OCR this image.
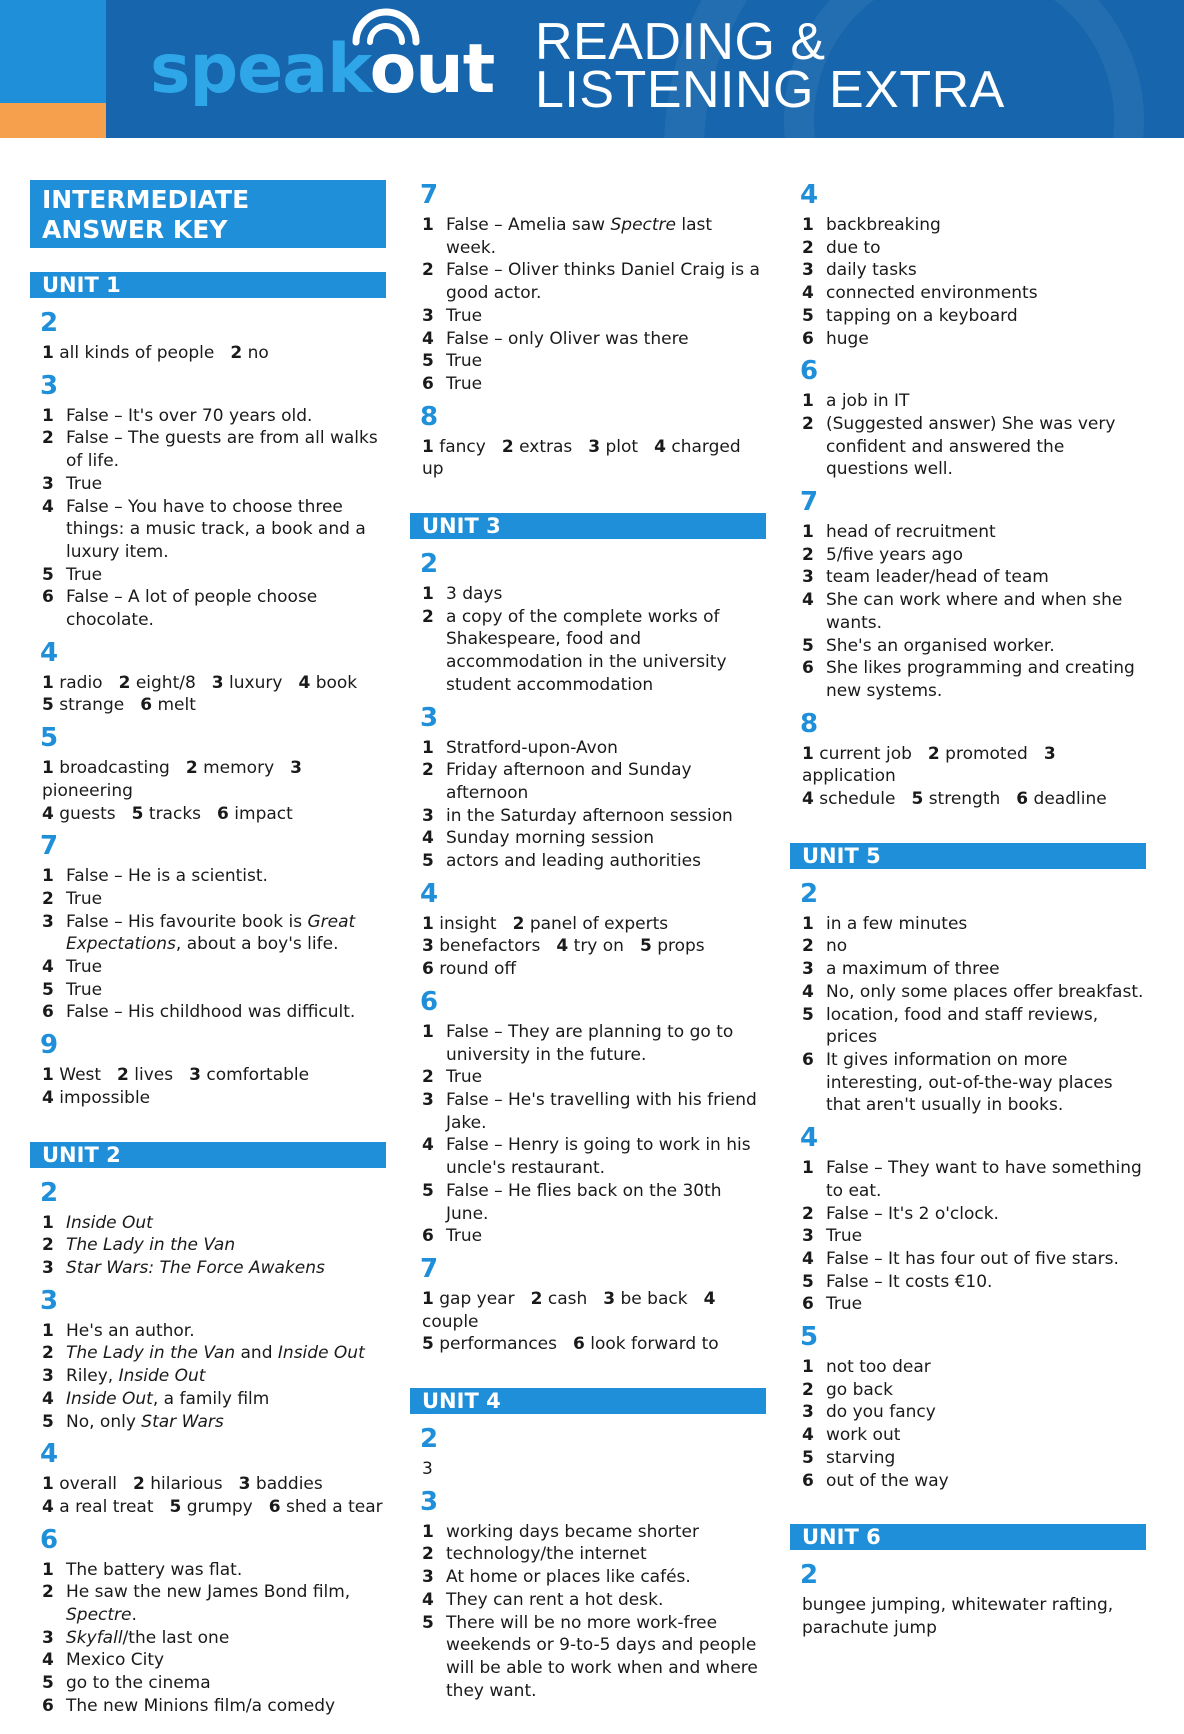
speakout READING &
LISTENING EXTRA
INTERMEDIATE ANSWER KEY
UNIT 1
2
1 all kinds of people 2 no
3
1 False – It's over 70 years old.
2 False – The guests are from all walks of life.
3 True
4 False – You have to choose three things: a music track, a book and a luxury item.
5 True
6 False – A lot of people choose chocolate.
4
1 radio 2 eight/8 3 luxury 4 book
5 strange 6 melt
5
1 broadcasting 2 memory 3 pioneering
4 guests 5 tracks 6 impact
7
1 False – He is a scientist.
2 True
3 False – His favourite book is Great Expectations, about a boy's life.
4 True
5 True
6 False – His childhood was difficult.
9
1 West 2 lives 3 comfortable
4 impossible
UNIT 2
2
1 Inside Out
2 The Lady in the Van
3 Star Wars: The Force Awakens
3
1 He's an author.
2 The Lady in the Van and Inside Out
3 Riley, Inside Out
4 Inside Out, a family film
5 No, only Star Wars
4
1 overall 2 hilarious 3 baddies
4 a real treat 5 grumpy 6 shed a tear
6
1 The battery was flat.
2 He saw the new James Bond film, Spectre.
3 Skyfall/the last one
4 Mexico City
5 go to the cinema
6 The new Minions film/a comedy
7
1 False – Amelia saw Spectre last week.
2 False – Oliver thinks Daniel Craig is a good actor.
3 True
4 False – only Oliver was there
5 True
6 True
8
1 fancy 2 extras 3 plot 4 charged up
UNIT 3
2
1 3 days
2 a copy of the complete works of Shakespeare, food and accommodation in the university student accommodation
3
1 Stratford-upon-Avon
2 Friday afternoon and Sunday afternoon
3 in the Saturday afternoon session
4 Sunday morning session
5 actors and leading authorities
4
1 insight 2 panel of experts
3 benefactors 4 try on 5 props
6 round off
6
1 False – They are planning to go to university in the future.
2 True
3 False – He's travelling with his friend Jake.
4 False – Henry is going to work in his uncle's restaurant.
5 False – He flies back on the 30th June.
6 True
7
1 gap year 2 cash 3 be back 4 couple
5 performances 6 look forward to
UNIT 4
2
3
3
1 working days became shorter
2 technology/the internet
3 At home or places like cafés.
4 They can rent a hot desk.
5 There will be no more work-free weekends or 9-to-5 days and people will be able to work when and where they want.
4
1 backbreaking
2 due to
3 daily tasks
4 connected environments
5 tapping on a keyboard
6 huge
6
1 a job in IT
2 (Suggested answer) She was very confident and answered the questions well.
7
1 head of recruitment
2 5/five years ago
3 team leader/head of team
4 She can work where and when she wants.
5 She's an organised worker.
6 She likes programming and creating new systems.
8
1 current job 2 promoted 3 application
4 schedule 5 strength 6 deadline
UNIT 5
2
1 in a few minutes
2 no
3 a maximum of three
4 No, only some places offer breakfast.
5 location, food and staff reviews, prices
6 It gives information on more interesting, out-of-the-way places that aren't usually in books.
4
1 False – They want to have something to eat.
2 False – It's 2 o'clock.
3 True
4 False – It has four out of five stars.
5 False – It costs €10.
6 True
5
1 not too dear
2 go back
3 do you fancy
4 work out
5 starving
6 out of the way
UNIT 6
2
bungee jumping, whitewater rafting, parachute jump
